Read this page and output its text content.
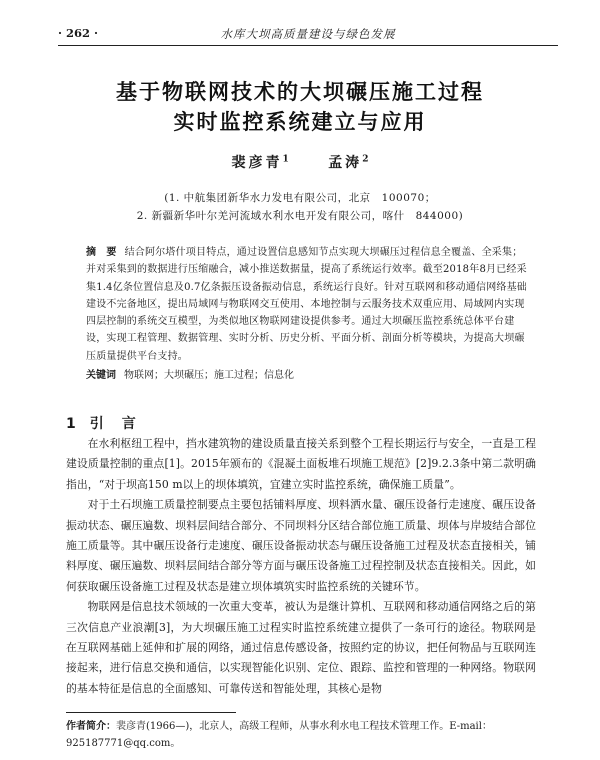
· 262 ·	水库大坝高质量建设与绿色发展
基于物联网技术的大坝碾压施工过程
实时监控系统建立与应用
裴彦青$^1$	孟涛$^2$
(1. 中航集团新华水力发电有限公司，北京　100070；
2. 新疆新华叶尔羌河流域水利水电开发有限公司，喀什　844000)
摘　要 结合阿尔塔什项目特点，通过设置信息感知节点实现大坝碾压过程信息全覆盖、全采集；并对采集到的数据进行压缩融合，减小推送数据量，提高了系统运行效率。截至2018年8月已经采集1.4亿条位置信息及0.7亿条振压设备振动信息，系统运行良好。针对互联网和移动通信网络基础建设不完备地区，提出局域网与物联网交互使用、本地控制与云服务技术双重应用、局域网内实现四层控制的系统交互模型，为类似地区物联网建设提供参考。通过大坝碾压监控系统总体平台建设，实现工程管理、数据管理、实时分析、历史分析、平面分析、剖面分析等模块，为提高大坝碾压质量提供平台支持。
关键词 物联网；大坝碾压；施工过程；信息化
1 引　言

在水利枢纽工程中，挡水建筑物的建设质量直接关系到整个工程长期运行与安全，一直是工程建设质量控制的重点[1]。2015年颁布的《混凝土面板堆石坝施工规范》[2]9.2.3条中第二款明确指出，“对于坝高150 m以上的坝体填筑，宜建立实时监控系统，确保施工质量”。

对于土石坝施工质量控制要点主要包括铺料厚度、坝料洒水量、碾压设备行走速度、碾压设备振动状态、碾压遍数、坝料层间结合部分、不同坝料分区结合部位施工质量、坝体与岸坡结合部位施工质量等。其中碾压设备行走速度、碾压设备振动状态与碾压设备施工过程及状态直接相关，铺料厚度、碾压遍数、坝料层间结合部分等方面与碾压设备施工过程控制及状态直接相关。因此，如何获取碾压设备施工过程及状态是建立坝体填筑实时监控系统的关键环节。

物联网是信息技术领域的一次重大变革，被认为是继计算机、互联网和移动通信网络之后的第三次信息产业浪潮[3]，为大坝碾压施工过程实时监控系统建立提供了一条可行的途径。物联网是在互联网基础上延伸和扩展的网络，通过信息传感设备，按照约定的协议，把任何物品与互联网连接起来，进行信息交换和通信，以实现智能化识别、定位、跟踪、监控和管理的一种网络。物联网的基本特征是信息的全面感知、可靠传送和智能处理，其核心是物

作者简介：裴彦青(1966—)，北京人，高级工程师，从事水利水电工程技术管理工作。E-mail：925187771@qq.com。
